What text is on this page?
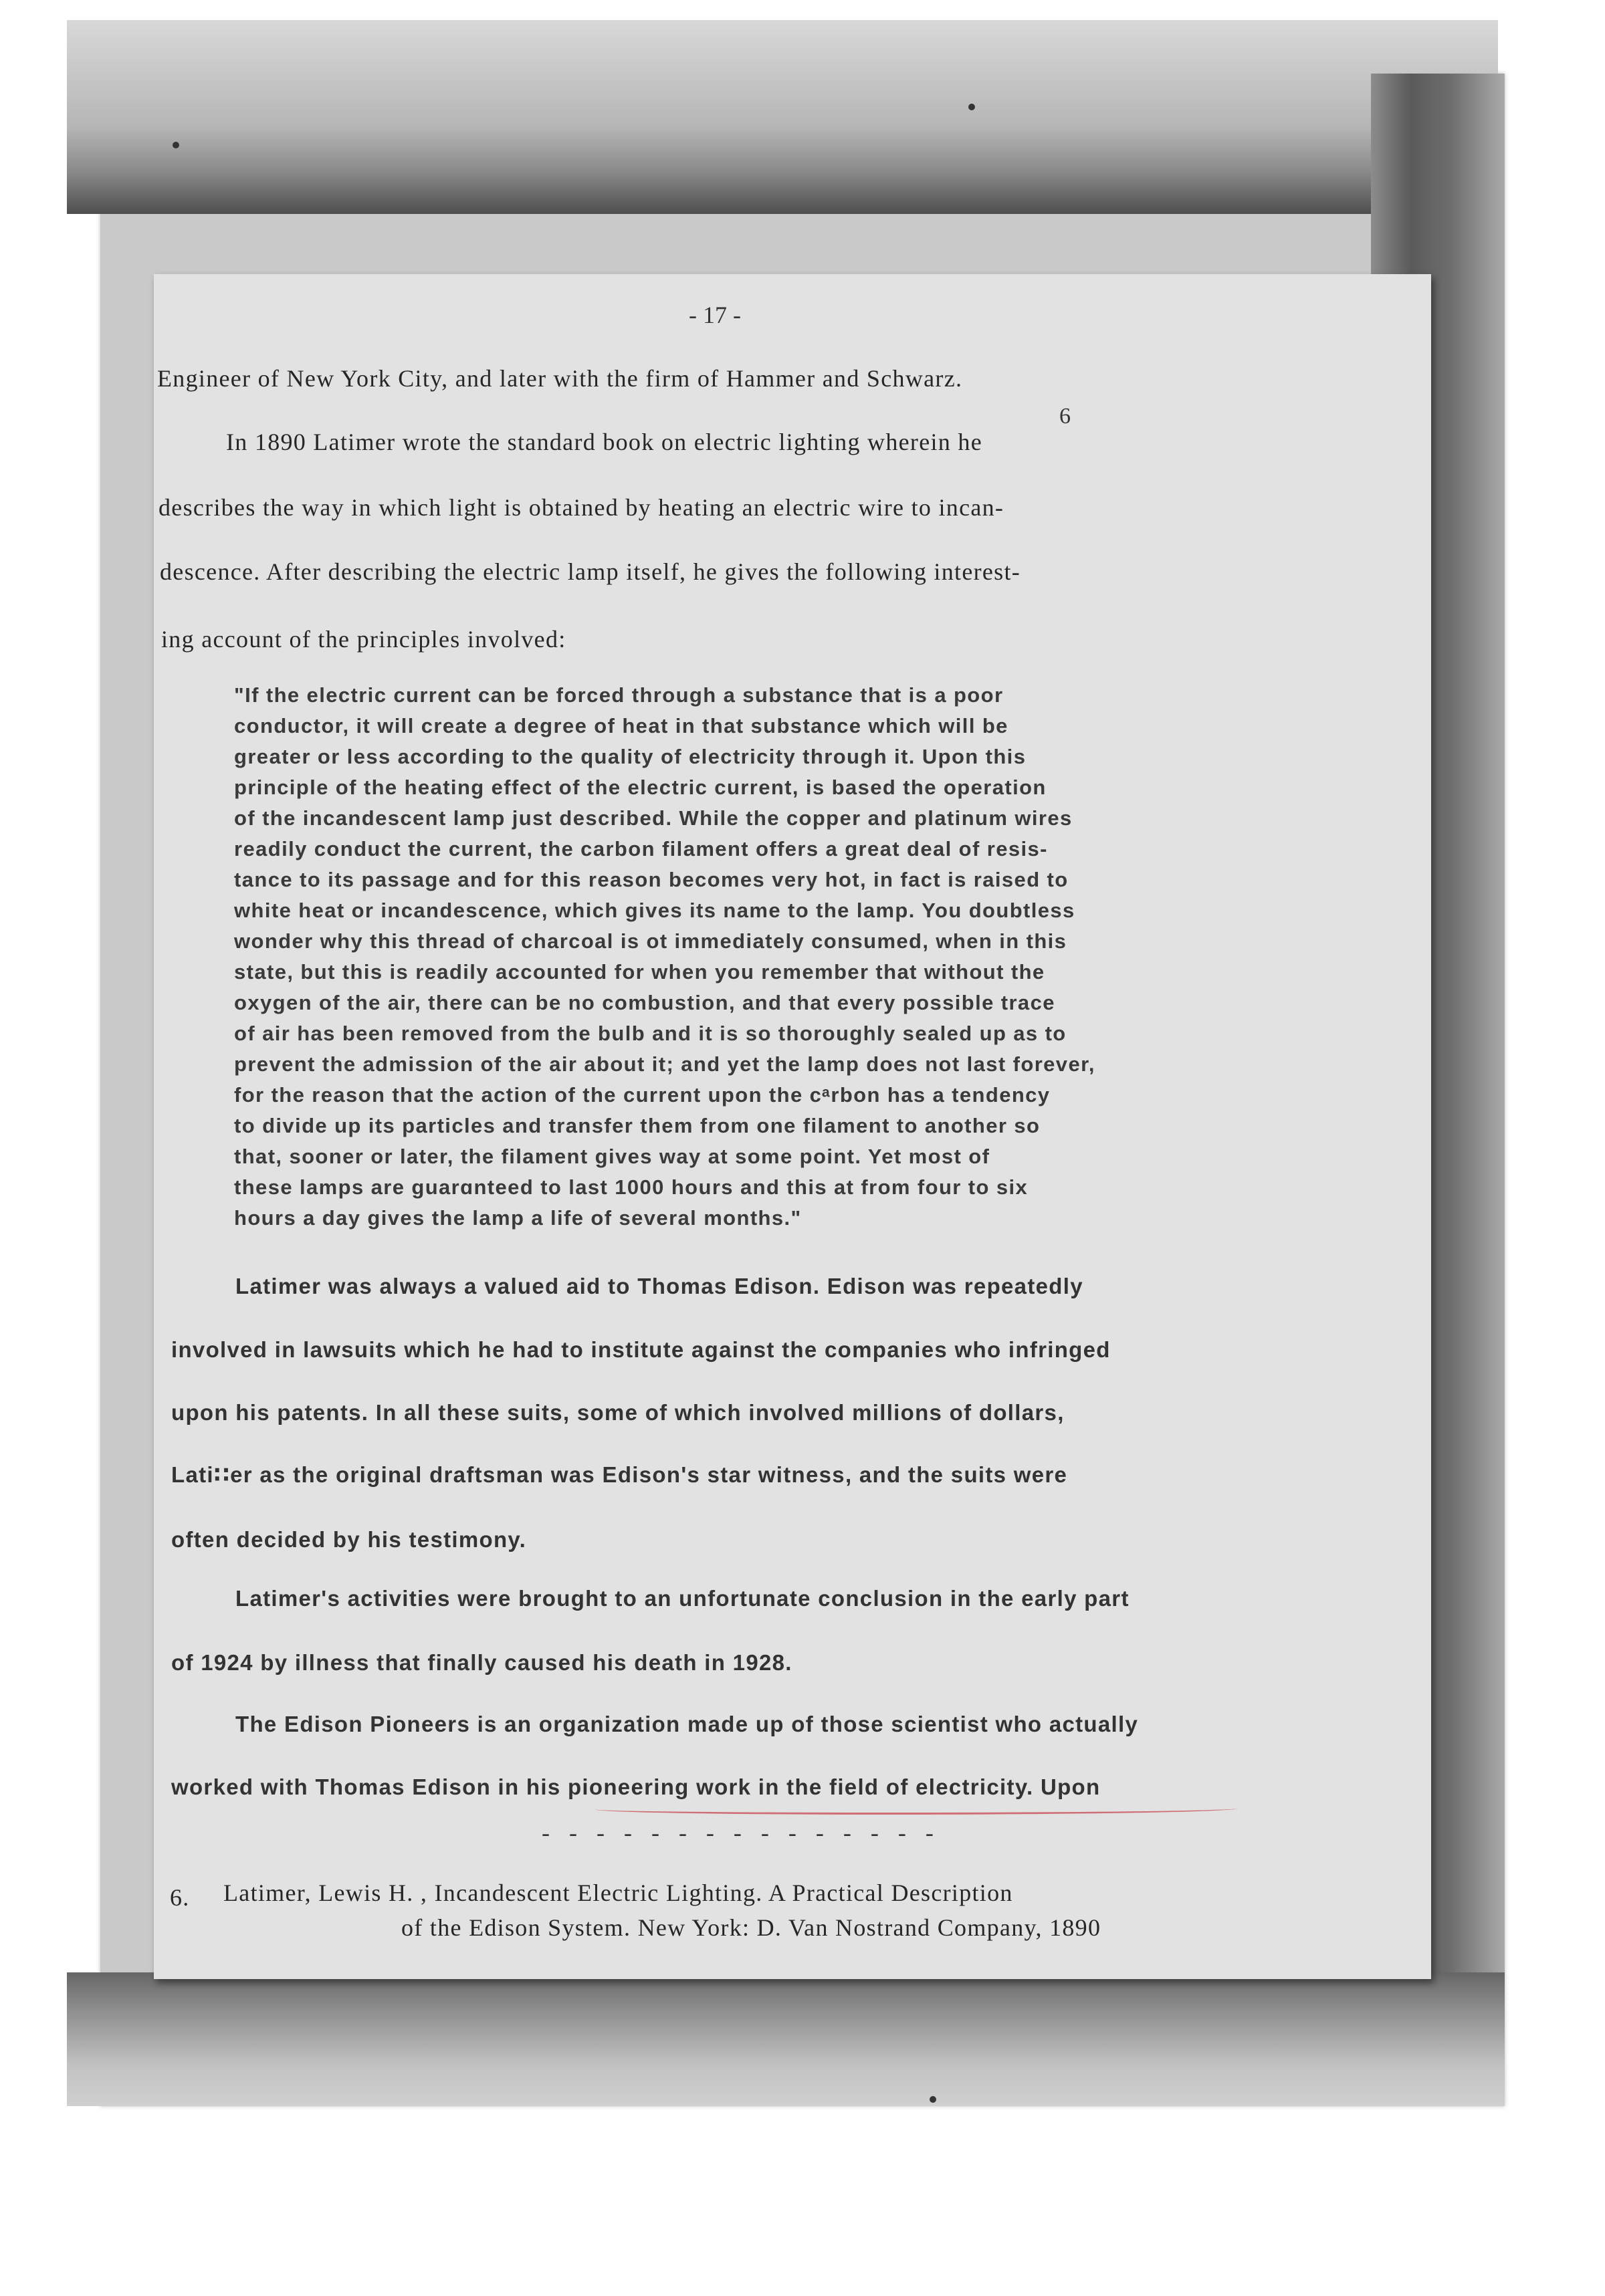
- 17 -
6
Engineer of New York City, and later with the firm of Hammer and Schwarz.
In 1890 Latimer wrote the standard book on electric lighting wherein he
describes the way in which light is obtained by heating an electric wire to incan-
descence. After describing the electric lamp itself, he gives the following interest-
ing account of the principles involved:
"If the electric current can be forced through a substance that is a poor
conductor, it will create a degree of heat in that substance which will be
greater or less according to the quality of electricity through it. Upon this
principle of the heating effect of the electric current, is based the operation
of the incandescent lamp just described. While the copper and platinum wires
readily conduct the current, the carbon filament offers a great deal of resis-
tance to its passage and for this reason becomes very hot, in fact is raised to
white heat or incandescence, which gives its name to the lamp. You doubtless
wonder why this thread of charcoal is ot immediately consumed, when in this
state, but this is readily accounted for when you remember that without the
oxygen of the air, there can be no combustion, and that every possible trace
of air has been removed from the bulb and it is so thoroughly sealed up as to
prevent the admission of the air about it; and yet the lamp does not last forever,
for the reason that the action of the current upon the cᵃrbon has a tendency
to divide up its particles and transfer them from one filament to another so
that, sooner or later, the filament gives way at some point. Yet most of
these lamps are guarɑnteed to last 1000 hours and this at from four to six
hours a day gives the lamp a life of several months."
Latimer was always a valued aid to Thomas Edison. Edison was repeatedly
involved in lawsuits which he had to institute against the companies who infringed
upon his patents. In all these suits, some of which involved millions of dollars,
Lati∷er as the original draftsman was Edison's star witness, and the suits were
often decided by his testimony.
Latimer's activities were brought to an unfortunate conclusion in the early part
of 1924 by illness that finally caused his death in 1928.
The Edison Pioneers is an organization made up of those scientist who actually
worked with Thomas Edison in his pioneering work in the field of electricity. Upon
- - - - - - - - - - - - - - -
6. Latimer, Lewis H. , Incandescent Electric Lighting. A Practical Description
of the Edison System. New York: D. Van Nostrand Company, 1890
